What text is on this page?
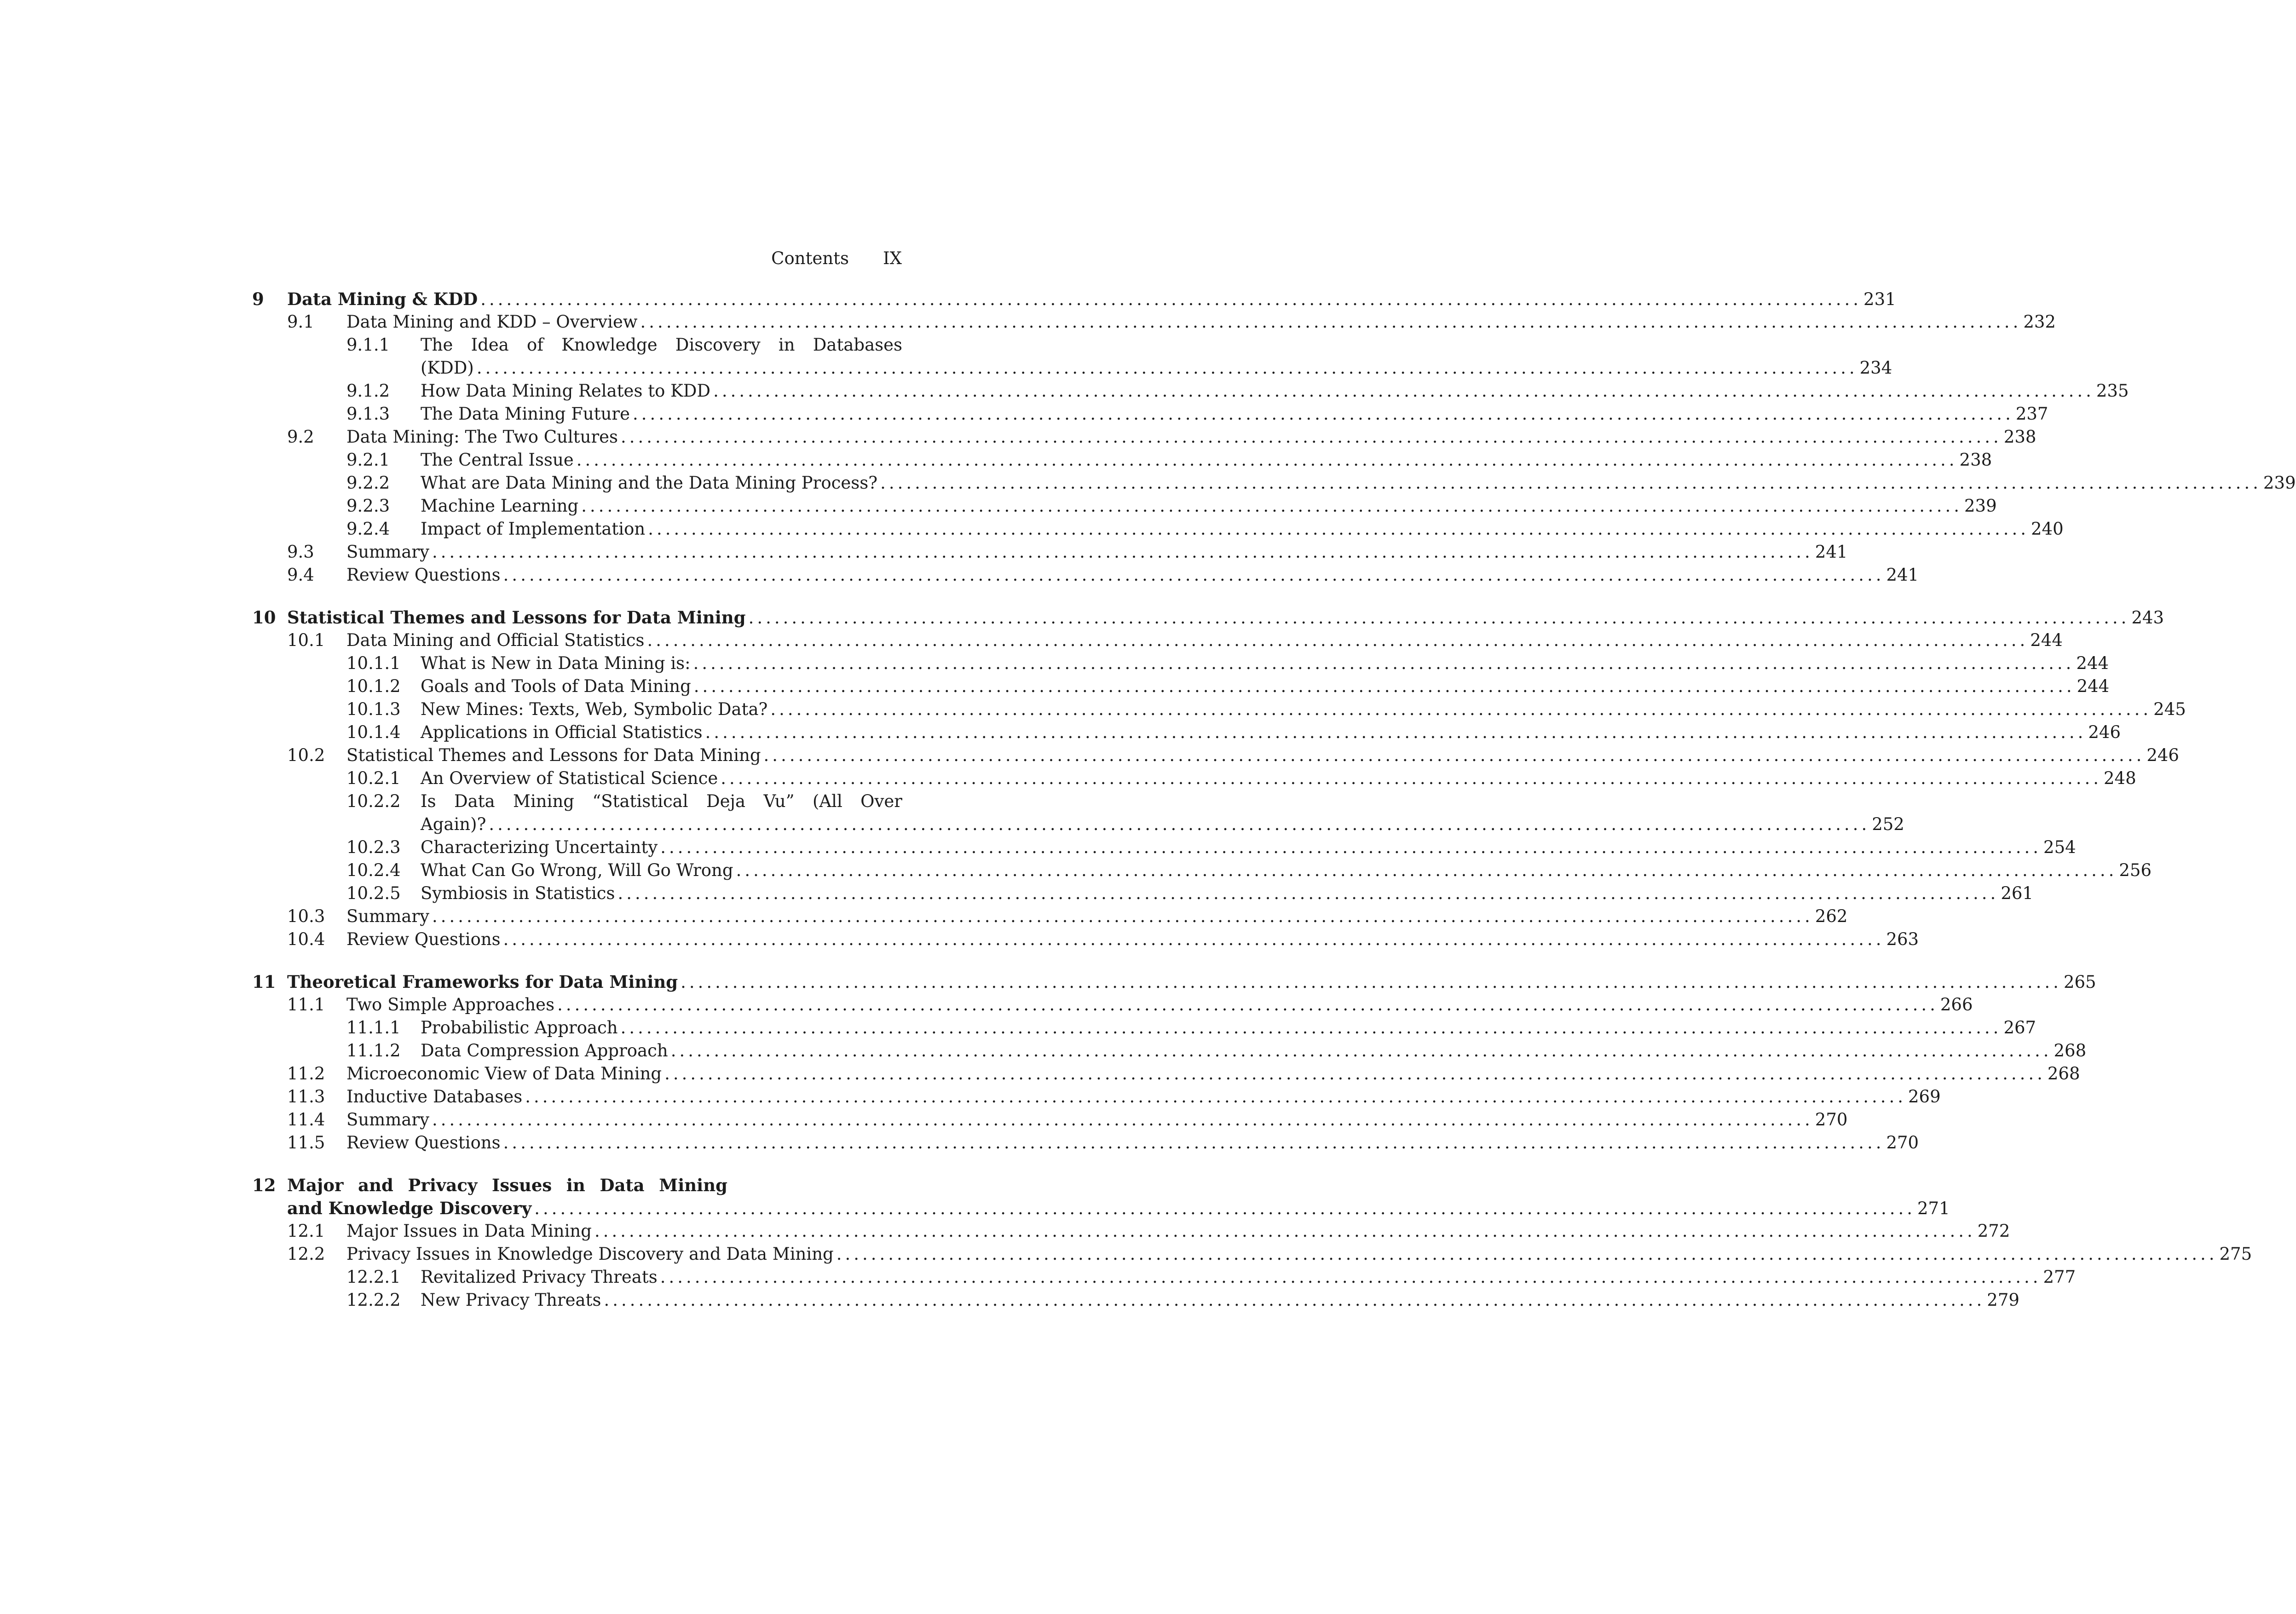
Contents IX
9 Data Mining & KDD ................................................................................................................................................................ 231
9.1 Data Mining and KDD – Overview ................................................................................................................................................................ 232
9.1.1 The Idea of Knowledge Discovery in Databases
(KDD) ................................................................................................................................................................ 234
9.1.2 How Data Mining Relates to KDD ................................................................................................................................................................ 235
9.1.3 The Data Mining Future ................................................................................................................................................................ 237
9.2 Data Mining: The Two Cultures ................................................................................................................................................................ 238
9.2.1 The Central Issue ................................................................................................................................................................ 238
9.2.2 What are Data Mining and the Data Mining Process? ................................................................................................................................................................ 239
9.2.3 Machine Learning ................................................................................................................................................................ 239
9.2.4 Impact of Implementation ................................................................................................................................................................ 240
9.3 Summary ................................................................................................................................................................ 241
9.4 Review Questions ................................................................................................................................................................ 241
10 Statistical Themes and Lessons for Data Mining ................................................................................................................................................................ 243
10.1 Data Mining and Official Statistics ................................................................................................................................................................ 244
10.1.1 What is New in Data Mining is: ................................................................................................................................................................ 244
10.1.2 Goals and Tools of Data Mining ................................................................................................................................................................ 244
10.1.3 New Mines: Texts, Web, Symbolic Data? ................................................................................................................................................................ 245
10.1.4 Applications in Official Statistics ................................................................................................................................................................ 246
10.2 Statistical Themes and Lessons for Data Mining ................................................................................................................................................................ 246
10.2.1 An Overview of Statistical Science ................................................................................................................................................................ 248
10.2.2 Is Data Mining “Statistical Deja Vu” (All Over
Again)? ................................................................................................................................................................ 252
10.2.3 Characterizing Uncertainty ................................................................................................................................................................ 254
10.2.4 What Can Go Wrong, Will Go Wrong ................................................................................................................................................................ 256
10.2.5 Symbiosis in Statistics ................................................................................................................................................................ 261
10.3 Summary ................................................................................................................................................................ 262
10.4 Review Questions ................................................................................................................................................................ 263
11 Theoretical Frameworks for Data Mining ................................................................................................................................................................ 265
11.1 Two Simple Approaches ................................................................................................................................................................ 266
11.1.1 Probabilistic Approach ................................................................................................................................................................ 267
11.1.2 Data Compression Approach ................................................................................................................................................................ 268
11.2 Microeconomic View of Data Mining ................................................................................................................................................................ 268
11.3 Inductive Databases ................................................................................................................................................................ 269
11.4 Summary ................................................................................................................................................................ 270
11.5 Review Questions ................................................................................................................................................................ 270
12 Major and Privacy Issues in Data Mining
and Knowledge Discovery ................................................................................................................................................................ 271
12.1 Major Issues in Data Mining ................................................................................................................................................................ 272
12.2 Privacy Issues in Knowledge Discovery and Data Mining ................................................................................................................................................................ 275
12.2.1 Revitalized Privacy Threats ................................................................................................................................................................ 277
12.2.2 New Privacy Threats ................................................................................................................................................................ 279
